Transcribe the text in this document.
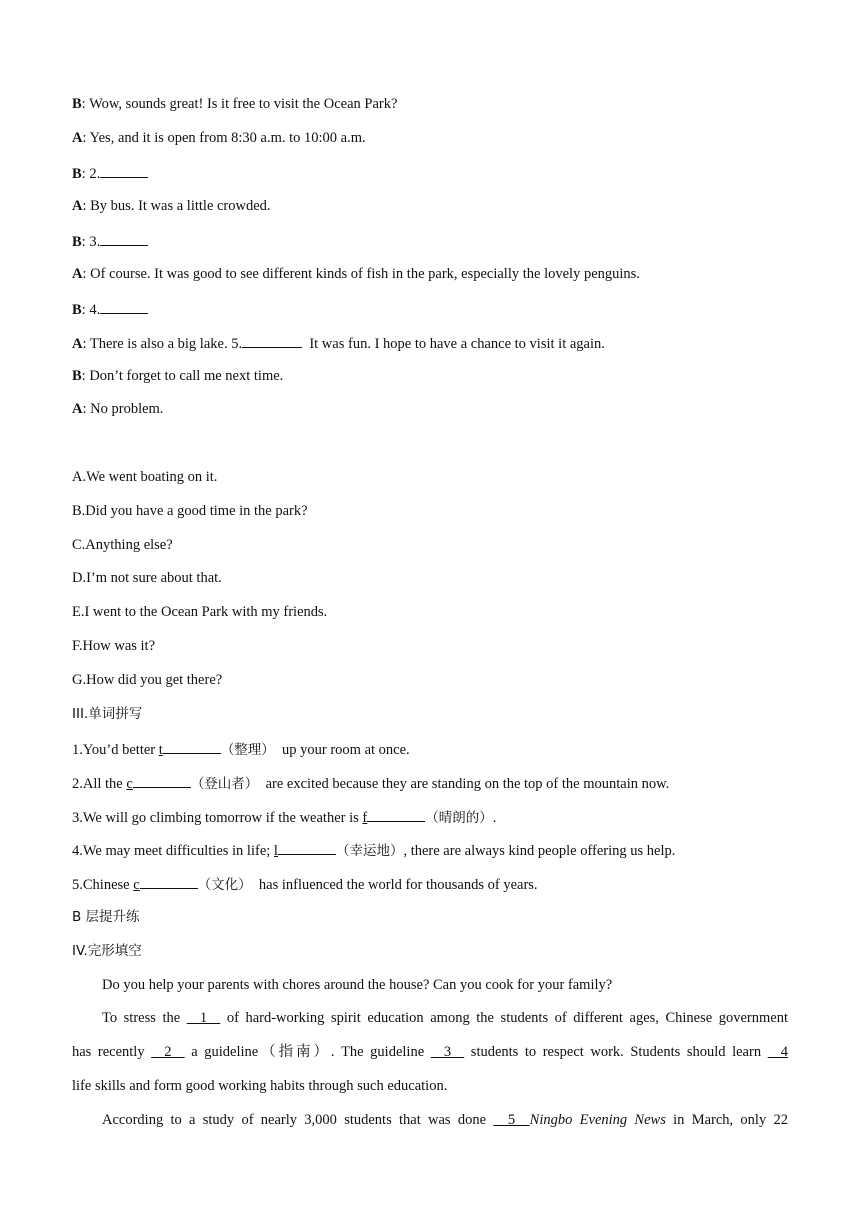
B: Wow, sounds great! Is it free to visit the Ocean Park?
A: Yes, and it is open from 8:30 a.m. to 10:00 a.m.
B: 2.
A: By bus. It was a little crowded.
B: 3.
A: Of course. It was good to see different kinds of fish in the park, especially the lovely penguins.
B: 4.
A: There is also a big lake. 5.	It was fun. I hope to have a chance to visit it again.
B: Don’t forget to call me next time.
A: No problem.
A.We went boating on it.
B.Did you have a good time in the park?
C.Anything else?
D.I’m not sure about that.
E.I went to the Ocean Park with my friends.
F.How was it?
G.How did you get there?
III.单词拼写
1.You’d better t	（整理）  up your room at once.
2.All the c	（登山者）  are excited because they are standing on the top of the mountain now.
3.We will go climbing tomorrow if the weather is f	（晴朗的）.
4.We may meet difficulties in life; l	（幸运地）, there are always kind people offering us help.
5.Chinese c	（文化）  has influenced the world for thousands of years.
B 层提升练
IV.完形填空
Do you help your parents with chores around the house? Can you cook for your family?
To stress the   1   of hard-working spirit education among the students of different ages, Chinese government
has recently   2   a guideline（指南）. The guideline   3   students to respect work. Students should learn   4
life skills and form good working habits through such education.
According to a study of nearly 3,000 students that was done   5  Ningbo Evening News in March, only 22
